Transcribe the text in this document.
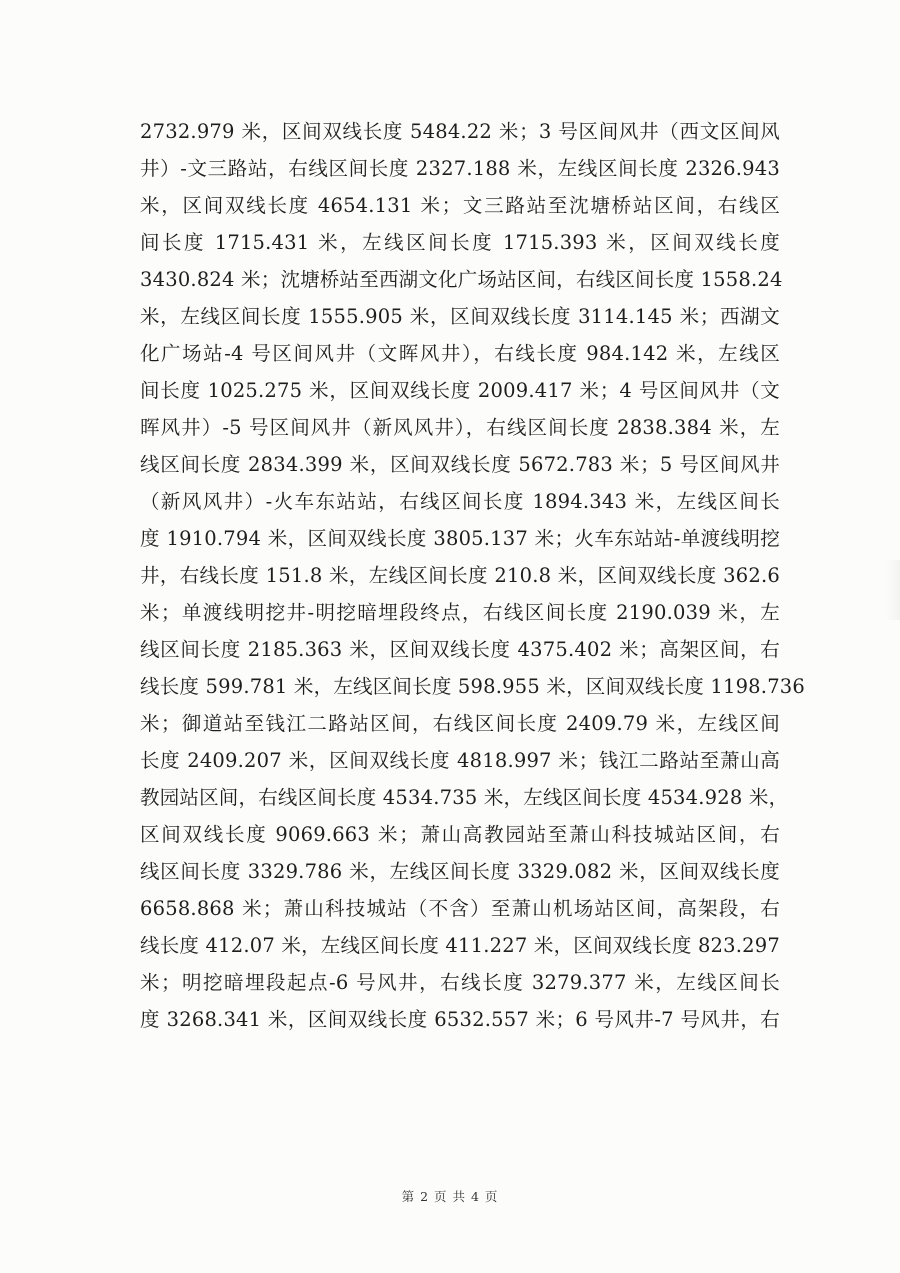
2732.979 米，区间双线长度 5484.22 米；3 号区间风井（西文区间风
井）-文三路站，右线区间长度 2327.188 米，左线区间长度 2326.943
米，区间双线长度 4654.131 米；文三路站至沈塘桥站区间，右线区
间长度 1715.431 米，左线区间长度 1715.393 米，区间双线长度
3430.824 米；沈塘桥站至西湖文化广场站区间，右线区间长度 1558.24
米，左线区间长度 1555.905 米，区间双线长度 3114.145 米；西湖文
化广场站-4 号区间风井（文晖风井），右线长度 984.142 米，左线区
间长度 1025.275 米，区间双线长度 2009.417 米；4 号区间风井（文
晖风井）-5 号区间风井（新风风井），右线区间长度 2838.384 米，左
线区间长度 2834.399 米，区间双线长度 5672.783 米；5 号区间风井
（新风风井）-火车东站站，右线区间长度 1894.343 米，左线区间长
度 1910.794 米，区间双线长度 3805.137 米；火车东站站-单渡线明挖
井，右线长度 151.8 米，左线区间长度 210.8 米，区间双线长度 362.6
米；单渡线明挖井-明挖暗埋段终点，右线区间长度 2190.039 米，左
线区间长度 2185.363 米，区间双线长度 4375.402 米；高架区间，右
线长度 599.781 米，左线区间长度 598.955 米，区间双线长度 1198.736
米；御道站至钱江二路站区间，右线区间长度 2409.79 米，左线区间
长度 2409.207 米，区间双线长度 4818.997 米；钱江二路站至萧山高
教园站区间，右线区间长度 4534.735 米，左线区间长度 4534.928 米，
区间双线长度 9069.663 米；萧山高教园站至萧山科技城站区间，右
线区间长度 3329.786 米，左线区间长度 3329.082 米，区间双线长度
6658.868 米；萧山科技城站（不含）至萧山机场站区间，高架段，右
线长度 412.07 米，左线区间长度 411.227 米，区间双线长度 823.297
米；明挖暗埋段起点-6 号风井，右线长度 3279.377 米，左线区间长
度 3268.341 米，区间双线长度 6532.557 米；6 号风井-7 号风井，右
第 2 页 共 4 页
